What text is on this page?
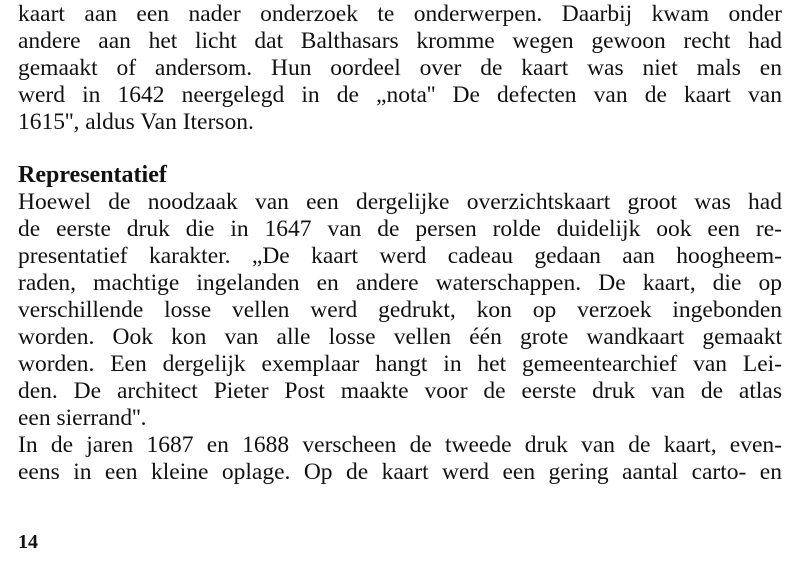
kaart aan een nader onderzoek te onderwerpen. Daarbij kwam onder
andere aan het licht dat Balthasars kromme wegen gewoon recht had
gemaakt of andersom. Hun oordeel over de kaart was niet mals en
werd in 1642 neergelegd in de „nota'' De defecten van de kaart van
1615'', aldus Van Iterson.
Representatief
Hoewel de noodzaak van een dergelijke overzichtskaart groot was had
de eerste druk die in 1647 van de persen rolde duidelijk ook een re-
presentatief karakter. „De kaart werd cadeau gedaan aan hoogheem-
raden, machtige ingelanden en andere waterschappen. De kaart, die op
verschillende losse vellen werd gedrukt, kon op verzoek ingebonden
worden. Ook kon van alle losse vellen één grote wandkaart gemaakt
worden. Een dergelijk exemplaar hangt in het gemeentearchief van Lei-
den. De architect Pieter Post maakte voor de eerste druk van de atlas
een sierrand''.
In de jaren 1687 en 1688 verscheen de tweede druk van de kaart, even-
eens in een kleine oplage. Op de kaart werd een gering aantal carto- en
14
